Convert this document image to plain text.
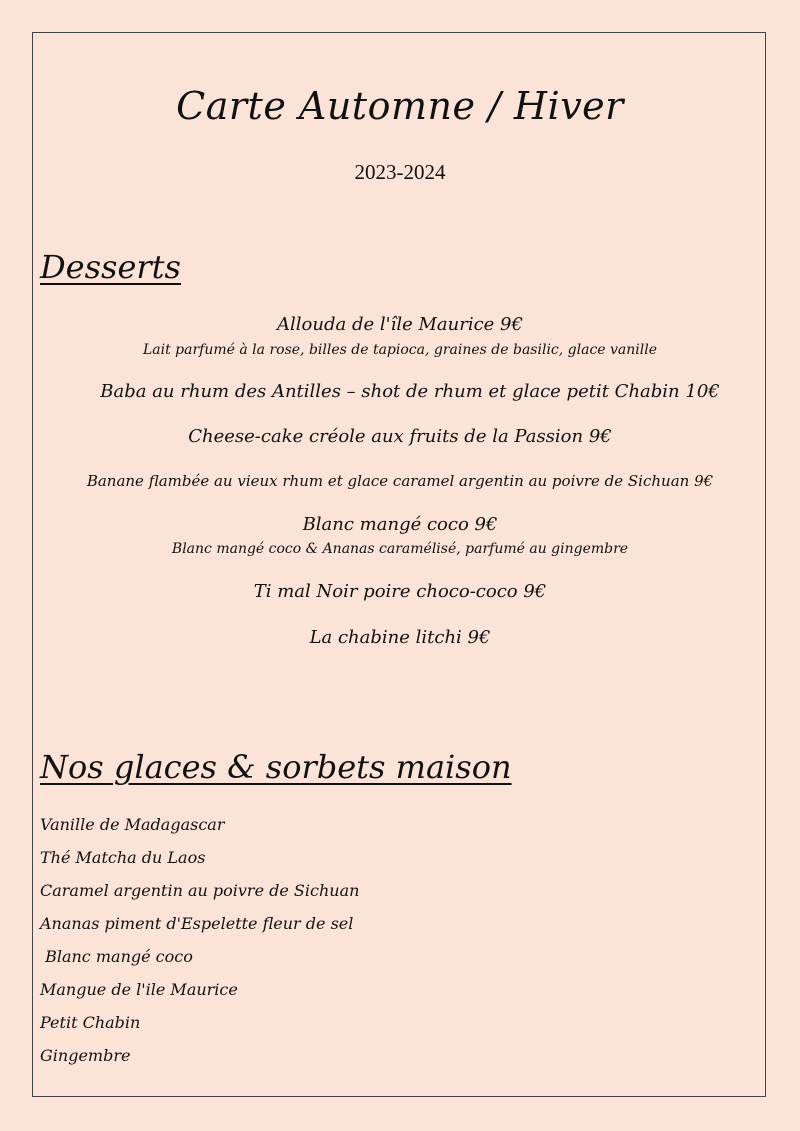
Carte Automne / Hiver
2023-2024
Desserts
Allouda de l'île Maurice 9€
Lait parfumé à la rose, billes de tapioca, graines de basilic, glace vanille
Baba au rhum des Antilles – shot de rhum et glace petit Chabin 10€
Cheese-cake créole aux fruits de la Passion 9€
Banane flambée au vieux rhum et glace caramel argentin au poivre de Sichuan 9€
Blanc mangé coco 9€
Blanc mangé coco & Ananas caramélisé, parfumé au gingembre
Ti mal Noir poire choco-coco 9€
La chabine litchi 9€
Nos glaces & sorbets maison
Vanille de Madagascar
Thé Matcha du Laos
Caramel argentin au poivre de Sichuan
Ananas piment d'Espelette fleur de sel
Blanc mangé coco
Mangue de l'ile Maurice
Petit Chabin
Gingembre
